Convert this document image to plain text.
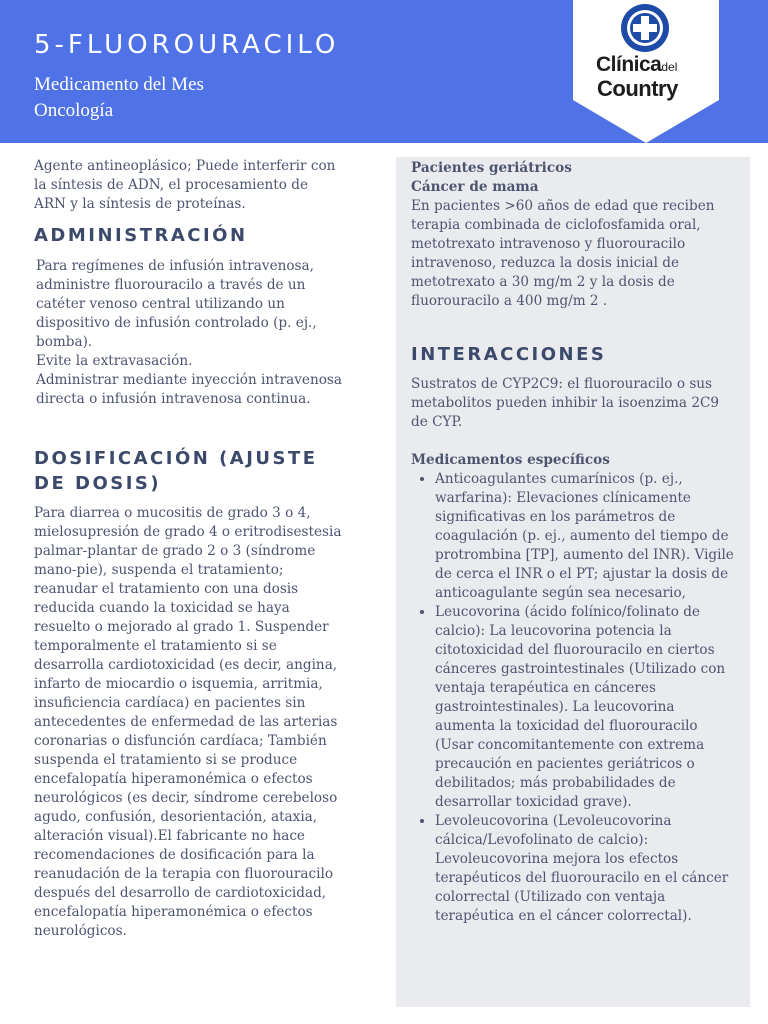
5-FLUOROURACILO
Medicamento del Mes
Oncología
Clínicadel
Country

Agente antineoplásico; Puede interferir con la síntesis de ADN, el procesamiento de ARN y la síntesis de proteínas.

ADMINISTRACIÓN

Para regímenes de infusión intravenosa, administre fluorouracilo a través de un catéter venoso central utilizando un dispositivo de infusión controlado (p. ej., bomba).

Evite la extravasación.

Administrar mediante inyección intravenosa directa o infusión intravenosa continua.

DOSIFICACIÓN (AJUSTE DE DOSIS)

Para diarrea o mucositis de grado 3 o 4, mielosupresión de grado 4 o eritrodisestesia palmar-plantar de grado 2 o 3 (síndrome mano-pie), suspenda el tratamiento; reanudar el tratamiento con una dosis reducida cuando la toxicidad se haya resuelto o mejorado al grado 1. Suspender temporalmente el tratamiento si se desarrolla cardiotoxicidad (es decir, angina, infarto de miocardio o isquemia, arritmia, insuficiencia cardíaca) en pacientes sin antecedentes de enfermedad de las arterias coronarias o disfunción cardíaca; También suspenda el tratamiento si se produce encefalopatía hiperamonémica o efectos neurológicos (es decir, síndrome cerebeloso agudo, confusión, desorientación, ataxia, alteración visual).El fabricante no hace recomendaciones de dosificación para la reanudación de la terapia con fluorouracilo después del desarrollo de cardiotoxicidad, encefalopatía hiperamonémica o efectos neurológicos.

Pacientes geriátricos

Cáncer de mama

En pacientes >60 años de edad que reciben terapia combinada de ciclofosfamida oral, metotrexato intravenoso y fluorouracilo intravenoso, reduzca la dosis inicial de metotrexato a 30 mg/m 2 y la dosis de fluorouracilo a 400 mg/m 2 .

INTERACCIONES

Sustratos de CYP2C9: el fluorouracilo o sus metabolitos pueden inhibir la isoenzima 2C9 de CYP.

Medicamentos específicos

• Anticoagulantes cumarínicos (p. ej., warfarina): Elevaciones clínicamente significativas en los parámetros de coagulación (p. ej., aumento del tiempo de protrombina [TP], aumento del INR). Vigile de cerca el INR o el PT; ajustar la dosis de anticoagulante según sea necesario,
• Leucovorina (ácido folínico/folinato de calcio): La leucovorina potencia la citotoxicidad del fluorouracilo en ciertos cánceres gastrointestinales (Utilizado con ventaja terapéutica en cánceres gastrointestinales). La leucovorina aumenta la toxicidad del fluorouracilo (Usar concomitantemente con extrema precaución en pacientes geriátricos o debilitados; más probabilidades de desarrollar toxicidad grave).
• Levoleucovorina (Levoleucovorina cálcica/Levofolinato de calcio): Levoleucovorina mejora los efectos terapéuticos del fluorouracilo en el cáncer colorrectal (Utilizado con ventaja terapéutica en el cáncer colorrectal).
